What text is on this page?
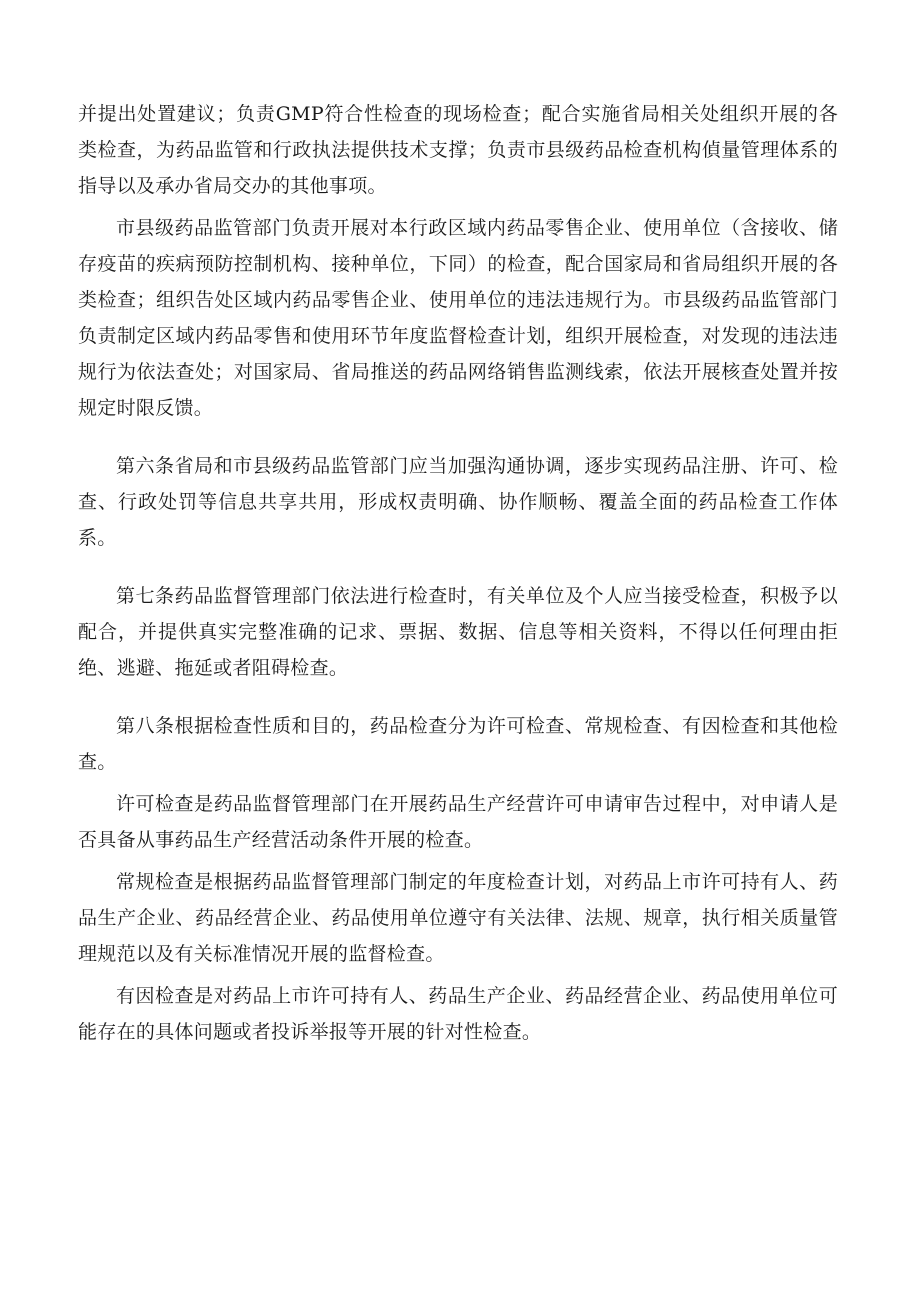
并提出处置建议；负责GMP符合性检查的现场检查；配合实施省局相关处组织开展的各类检查，为药品监管和行政执法提供技术支撑；负责市县级药品检查机构偵量管理体系的指导以及承办省局交办的其他事项。

市县级药品监管部门负责开展对本行政区域内药品零售企业、使用单位（含接收、储存疫苗的疾病预防控制机构、接种单位，下同）的检查，配合国家局和省局组织开展的各类检查；组织告处区域内药品零售企业、使用单位的违法违规行为。市县级药品监管部门负责制定区域内药品零售和使用环节年度监督检查计划，组织开展检查，对发现的违法违规行为依法查处；对国家局、省局推送的药品网络销售监测线索，依法开展核查处置并按规定时限反馈。

第六条省局和市县级药品监管部门应当加强沟通协调，逐步实现药品注册、许可、检查、行政处罚等信息共享共用，形成权责明确、协作顺畅、覆盖全面的药品检查工作体系。

第七条药品监督管理部门依法进行检查时，有关单位及个人应当接受检查，积极予以配合，并提供真实完整准确的记求、票据、数据、信息等相关资料，不得以任何理由拒绝、逃避、拖延或者阻碍检查。

第八条根据检查性质和目的，药品检查分为许可检查、常规检查、有因检查和其他检查。

许可检查是药品监督管理部门在开展药品生产经营许可申请审告过程中，对申请人是否具备从事药品生产经营活动条件开展的检查。

常规检查是根据药品监督管理部门制定的年度检查计划，对药品上市许可持有人、药品生产企业、药品经营企业、药品使用单位遵守有关法律、法规、规章，执行相关质量管理规范以及有关标准情况开展的监督检查。

有因检查是对药品上市许可持有人、药品生产企业、药品经营企业、药品使用单位可能存在的具体问题或者投诉举报等开展的针对性检查。
